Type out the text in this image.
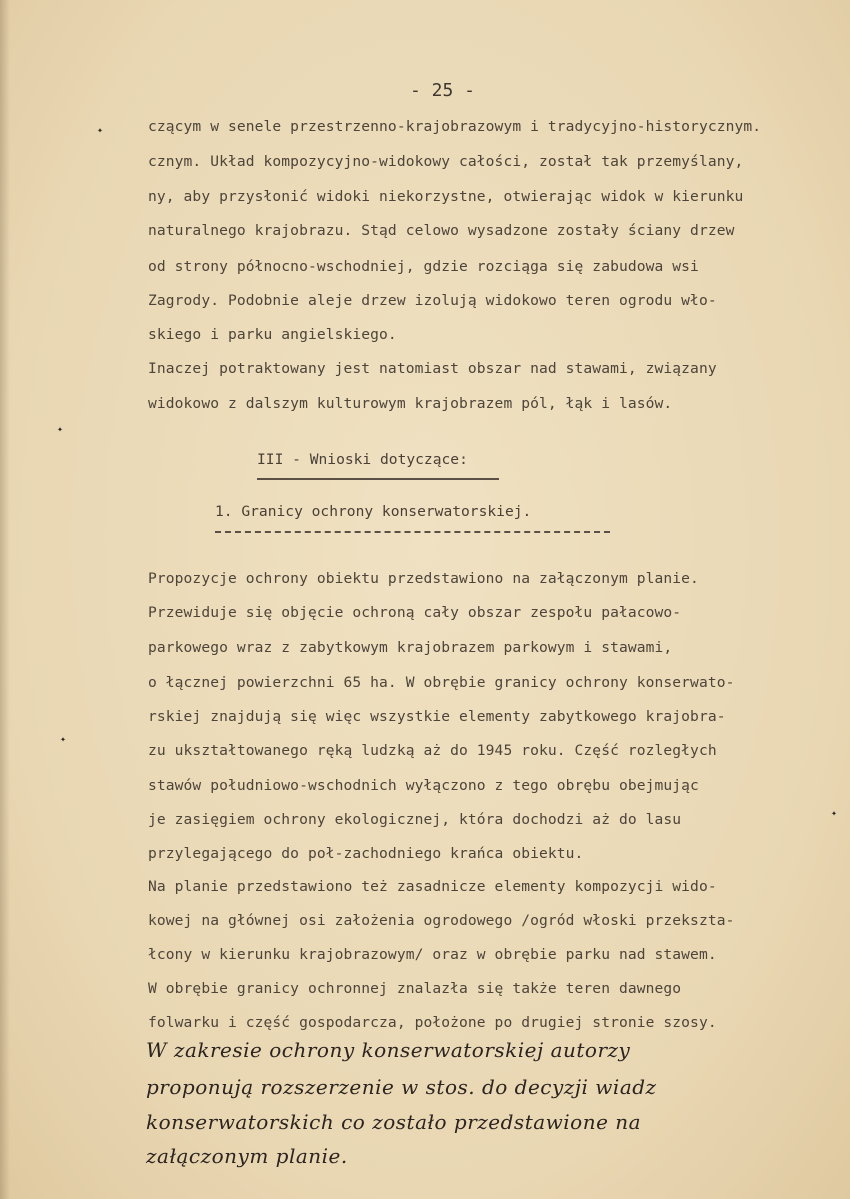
- 25 -
czącym w senele przestrzenno-krajobrazowym i tradycyjno-historycznym.
cznym. Układ kompozycyjno-widokowy całości, został tak przemyślany,
ny, aby przysłonić widoki niekorzystne, otwierając widok w kierunku
naturalnego krajobrazu. Stąd celowo wysadzone zostały ściany drzew
od strony północno-wschodniej, gdzie rozciąga się zabudowa wsi
Zagrody. Podobnie aleje drzew izolują widokowo teren ogrodu wło-
skiego i parku angielskiego.
Inaczej potraktowany jest natomiast obszar nad stawami, związany
widokowo z dalszym kulturowym krajobrazem pól, łąk i lasów.
III - Wnioski dotyczące:
1. Granicy ochrony konserwatorskiej.
Propozycje ochrony obiektu przedstawiono na załączonym planie.
Przewiduje się objęcie ochroną cały obszar zespołu pałacowo-
parkowego wraz z zabytkowym krajobrazem parkowym i stawami,
o łącznej powierzchni 65 ha. W obrębie granicy ochrony konserwato-
rskiej znajdują się więc wszystkie elementy zabytkowego krajobra-
zu ukształtowanego ręką ludzką aż do 1945 roku. Część rozległych
stawów południowo-wschodnich wyłączono z tego obrębu obejmując
je zasięgiem ochrony ekologicznej, która dochodzi aż do lasu
przylegającego do poł-zachodniego krańca obiektu.
Na planie przedstawiono też zasadnicze elementy kompozycji wido-
kowej na głównej osi założenia ogrodowego /ogród włoski przekszta-
łcony w kierunku krajobrazowym/ oraz w obrębie parku nad stawem.
W obrębie granicy ochronnej znalazła się także teren dawnego
folwarku i część gospodarcza, położone po drugiej stronie szosy.
W zakresie ochrony konserwatorskiej autorzy
proponują rozszerzenie w stos. do decyzji wiadz
konserwatorskich co zostało przedstawione na
załączonym planie.
✦
✦
✦
✦
